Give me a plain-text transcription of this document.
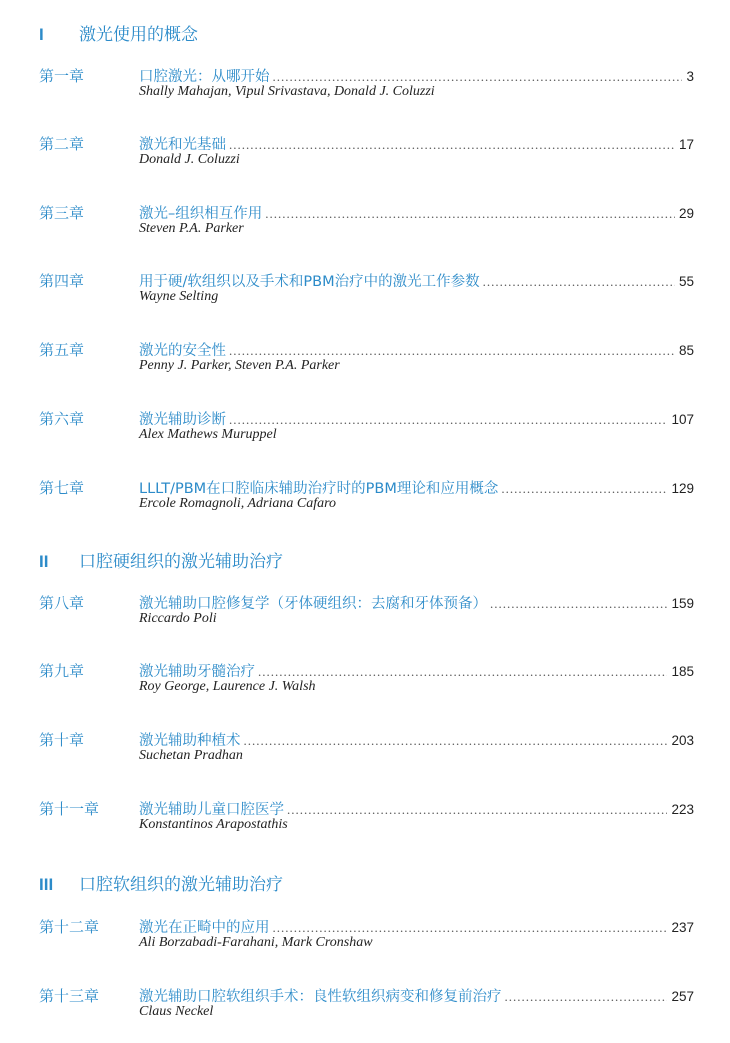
I 激光使用的概念
第一章	口腔激光：从哪开始 .....	3
Shally Mahajan, Vipul Srivastava, Donald J. Coluzzi
第二章	激光和光基础 .....	17
Donald J. Coluzzi
第三章	激光–组织相互作用 .....	29
Steven P.A. Parker
第四章	用于硬/软组织以及手术和PBM治疗中的激光工作参数 .....	55
Wayne Selting
第五章	激光的安全性 .....	85
Penny J. Parker, Steven P.A. Parker
第六章	激光辅助诊断 .....	107
Alex Mathews Muruppel
第七章	LLLT/PBM在口腔临床辅助治疗时的PBM理论和应用概念 .....	129
Ercole Romagnoli, Adriana Cafaro
II 口腔硬组织的激光辅助治疗
第八章	激光辅助口腔修复学（牙体硬组织：去腐和牙体预备） .....	159
Riccardo Poli
第九章	激光辅助牙髓治疗 .....	185
Roy George, Laurence J. Walsh
第十章	激光辅助种植术 .....	203
Suchetan Pradhan
第十一章	激光辅助儿童口腔医学 .....	223
Konstantinos Arapostathis
III 口腔软组织的激光辅助治疗
第十二章	激光在正畸中的应用 .....	237
Ali Borzabadi-Farahani, Mark Cronshaw
第十三章	激光辅助口腔软组织手术：良性软组织病变和修复前治疗 .....	257
Claus Neckel
